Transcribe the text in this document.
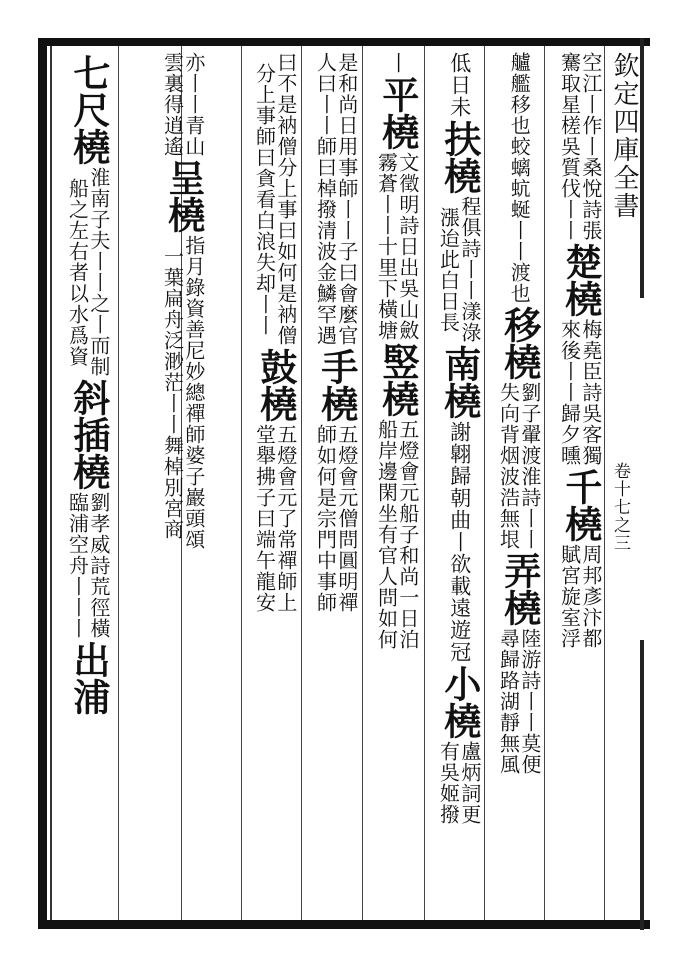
欽定四庫全書
卷十七之三
空江丨作丨桑悅詩張
騫取星槎吳質伐丨丨
楚橈
梅堯臣詩吳客獨
來後丨丨歸夕曛
千橈
周邦彥汴都
賦宮旋室浮
艫艦移也蛟螭蚢蜒丨丨渡也
移橈
劉子翬渡淮詩丨丨
失向背烟波浩無垠
弄橈
陸游詩丨丨莫便
尋歸路湖靜無風
低日未
扶橈
程俱詩丨丨漾淥
漲迨此白日長
南橈
謝翺歸朝曲丨欲載遠遊冠
小橈
盧炳詞更
有吳姬撥
丨
平橈
文徵明詩日出吳山斂
霧蒼丨丨十里下橫塘
竪橈
五燈會元船子和尚一日泊
船岸邊閑坐有官人問如何
是和尚日用事師丨丨子曰會麼官
人曰丨丨師曰棹撥清波金鱗罕遇
手橈
五燈會元僧問圓明禪
師如何是宗門中事師
曰不是衲僧分上事曰如何是衲僧
分上事師曰貪看白浪失却丨丨
鼓橈
五燈會元了常禪師上
堂舉拂子曰端午龍安
亦丨丨青山
雲裏得逍遙
呈橈
指月錄資善尼妙總禪師婆子巖頭頌
一葉扁舟泛渺茫丨丨舞棹別宮商
七尺橈
淮南子夫丨丨之丨而制
船之左右者以水爲資
斜插橈
劉孝威詩荒徑橫
臨浦空舟丨丨丨
出浦
